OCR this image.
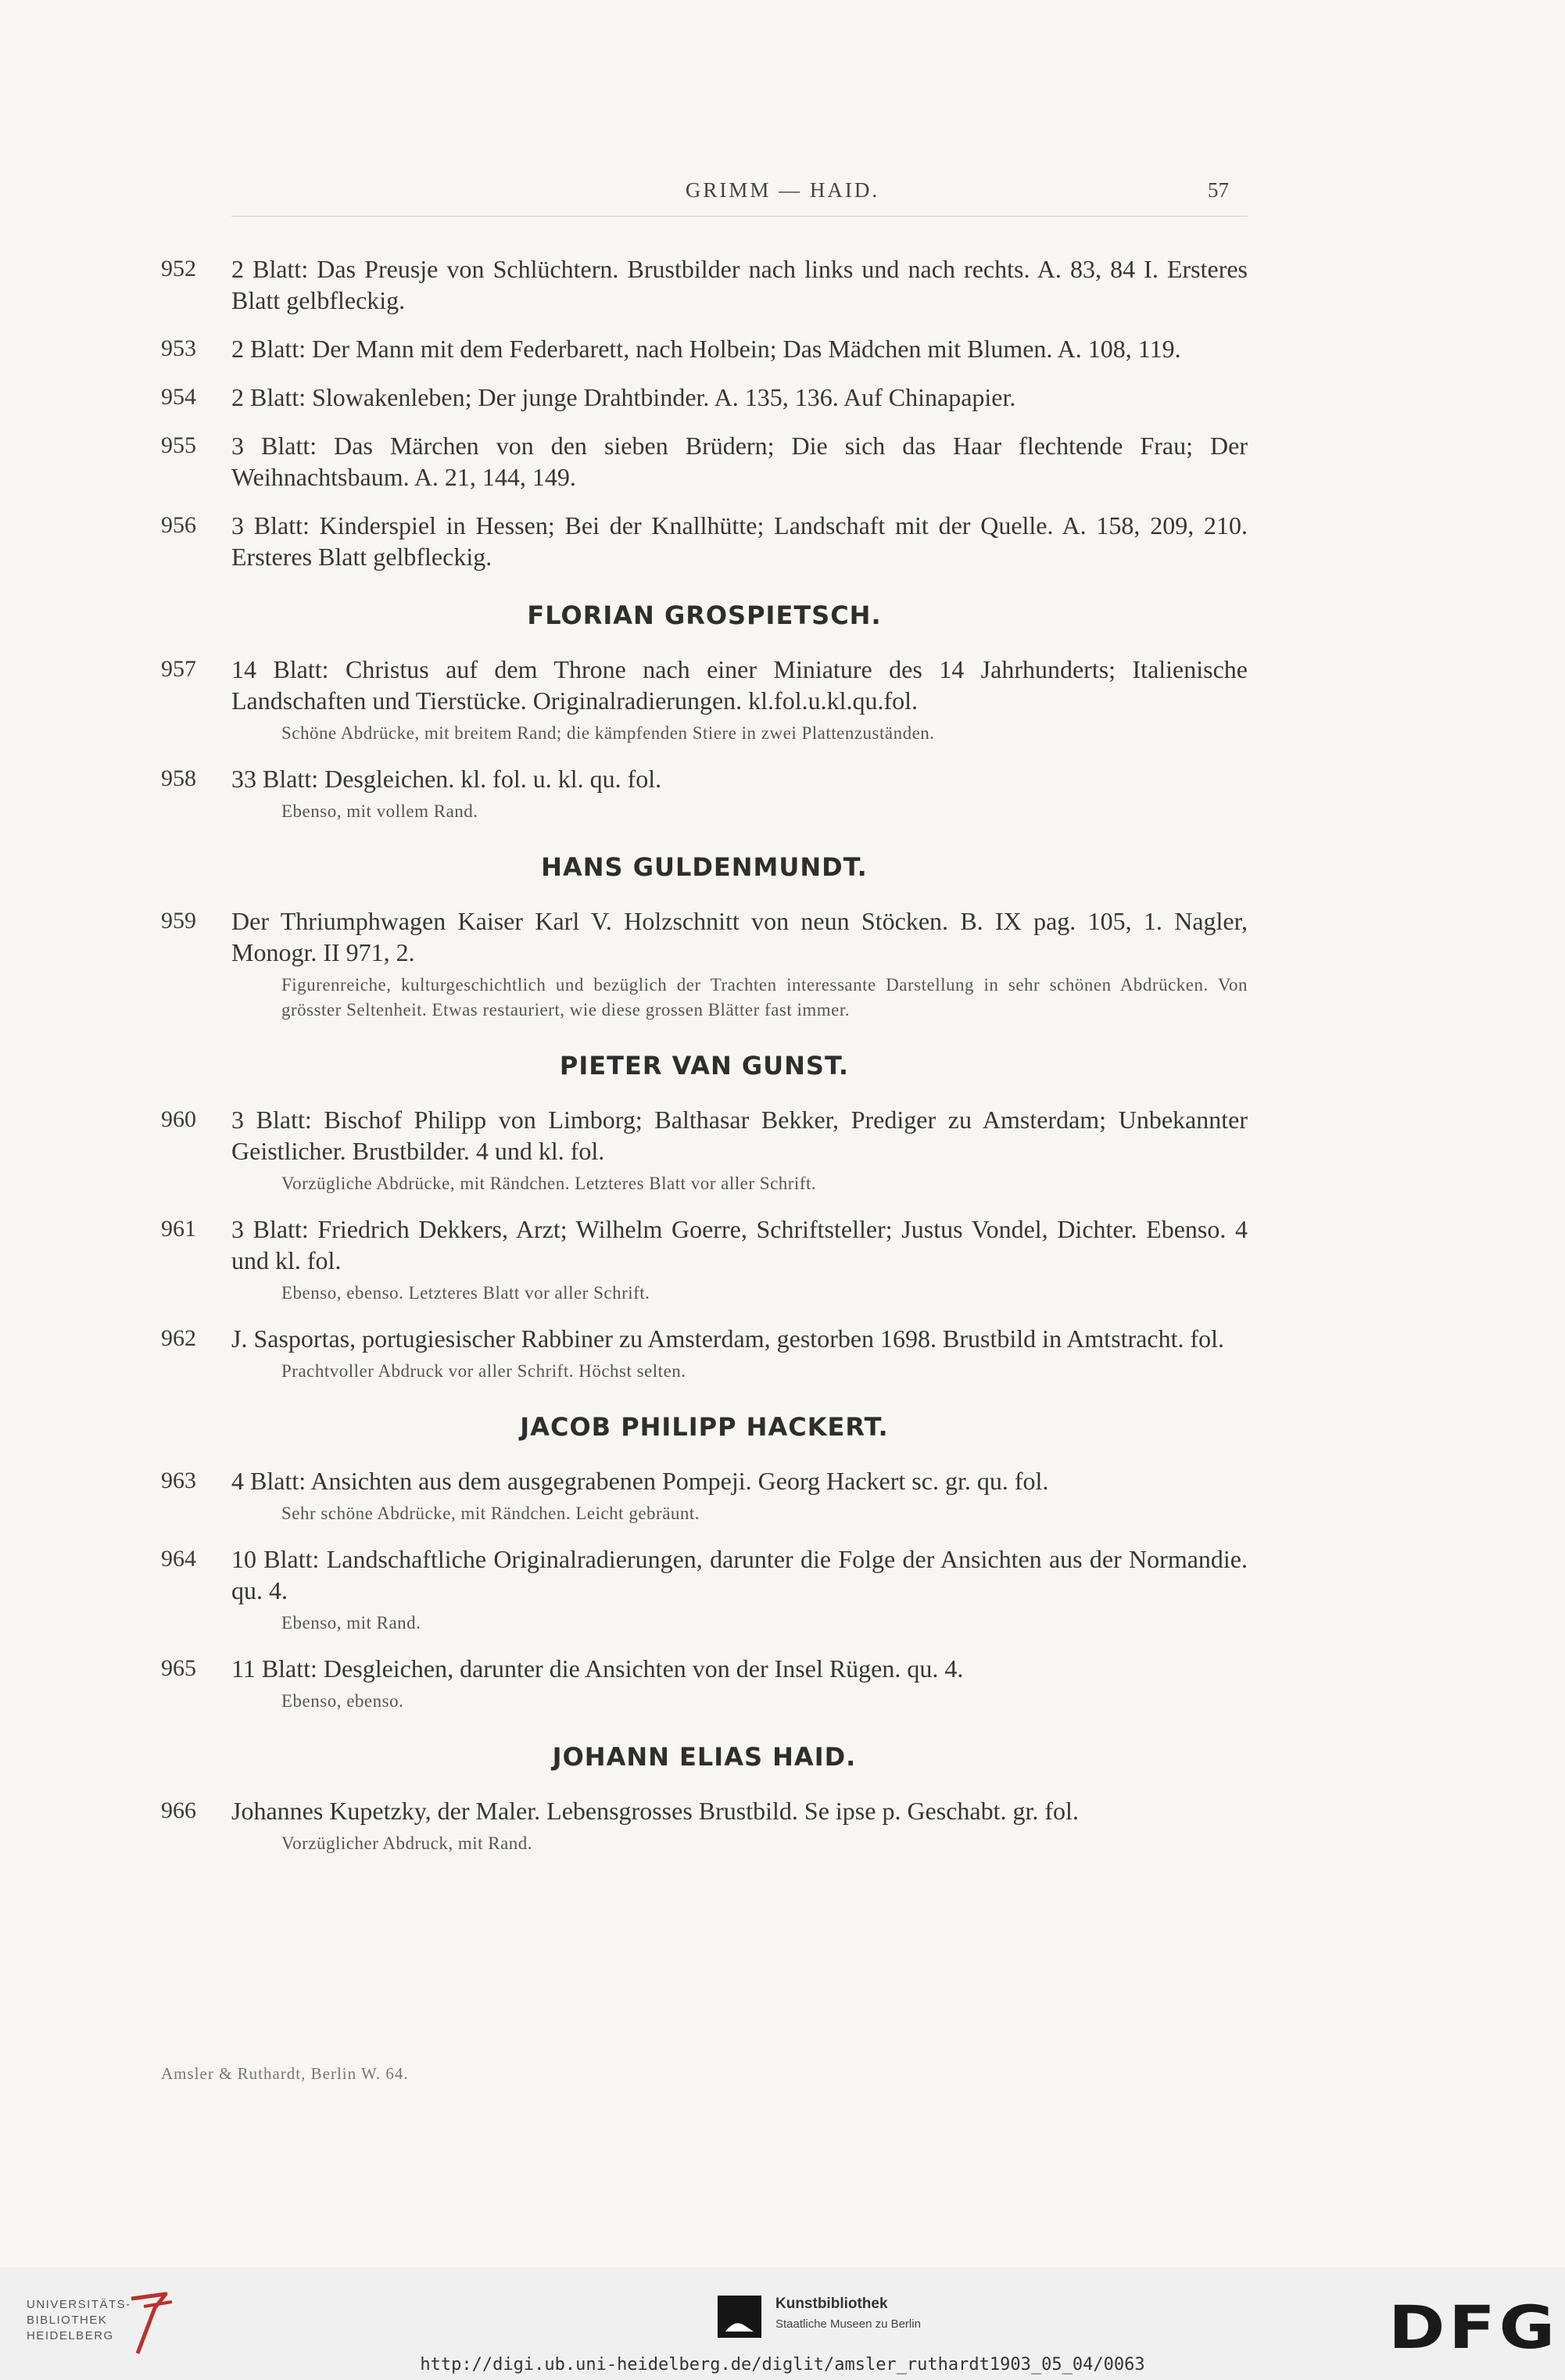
GRIMM — HAID.	57
952	2 Blatt: Das Preusje von Schlüchtern. Brustbilder nach links und nach rechts. A. 83, 84 I. Ersteres Blatt gelbfleckig.
953	2 Blatt: Der Mann mit dem Federbarett, nach Holbein; Das Mädchen mit Blumen. A. 108, 119.
954	2 Blatt: Slowakenleben; Der junge Drahtbinder. A. 135, 136. Auf Chinapapier.
955	3 Blatt: Das Märchen von den sieben Brüdern; Die sich das Haar flechtende Frau; Der Weihnachtsbaum. A. 21, 144, 149.
956	3 Blatt: Kinderspiel in Hessen; Bei der Knallhütte; Landschaft mit der Quelle. A. 158, 209, 210. Ersteres Blatt gelbfleckig.
FLORIAN GROSPIETSCH.
957	14 Blatt: Christus auf dem Throne nach einer Miniature des 14 Jahrhunderts; Italienische Landschaften und Tierstücke. Originalradierungen. kl.fol.u.kl.qu.fol.
Schöne Abdrücke, mit breitem Rand; die kämpfenden Stiere in zwei Plattenzuständen.
958	33 Blatt: Desgleichen. kl. fol. u. kl. qu. fol.
Ebenso, mit vollem Rand.
HANS GULDENMUNDT.
959	Der Thriumphwagen Kaiser Karl V. Holzschnitt von neun Stöcken. B. IX pag. 105, 1. Nagler, Monogr. II 971, 2.
Figurenreiche, kulturgeschichtlich und bezüglich der Trachten interessante Darstellung in sehr schönen Abdrücken. Von grösster Seltenheit. Etwas restauriert, wie diese grossen Blätter fast immer.
PIETER VAN GUNST.
960	3 Blatt: Bischof Philipp von Limborg; Balthasar Bekker, Prediger zu Amsterdam; Unbekannter Geistlicher. Brustbilder. 4 und kl. fol.
Vorzügliche Abdrücke, mit Rändchen. Letzteres Blatt vor aller Schrift.
961	3 Blatt: Friedrich Dekkers, Arzt; Wilhelm Goerre, Schriftsteller; Justus Vondel, Dichter. Ebenso. 4 und kl. fol.
Ebenso, ebenso. Letzteres Blatt vor aller Schrift.
962	J. Sasportas, portugiesischer Rabbiner zu Amsterdam, gestorben 1698. Brustbild in Amtstracht. fol.
Prachtvoller Abdruck vor aller Schrift. Höchst selten.
JACOB PHILIPP HACKERT.
963	4 Blatt: Ansichten aus dem ausgegrabenen Pompeji. Georg Hackert sc. gr. qu. fol.
Sehr schöne Abdrücke, mit Rändchen. Leicht gebräunt.
964	10 Blatt: Landschaftliche Originalradierungen, darunter die Folge der Ansichten aus der Normandie. qu. 4.
Ebenso, mit Rand.
965	11 Blatt: Desgleichen, darunter die Ansichten von der Insel Rügen. qu. 4.
Ebenso, ebenso.
JOHANN ELIAS HAID.
966	Johannes Kupetzky, der Maler. Lebensgrosses Brustbild. Se ipse p. Geschabt. gr. fol.
Vorzüglicher Abdruck, mit Rand.
Amsler & Ruthardt, Berlin W. 64.
UNIVERSITÄTS-
BIBLIOTHEK
HEIDELBERG
Kunstbibliothek
Staatliche Museen zu Berlin	DFG
http://digi.ub.uni-heidelberg.de/diglit/amsler_ruthardt1903_05_04/0063
